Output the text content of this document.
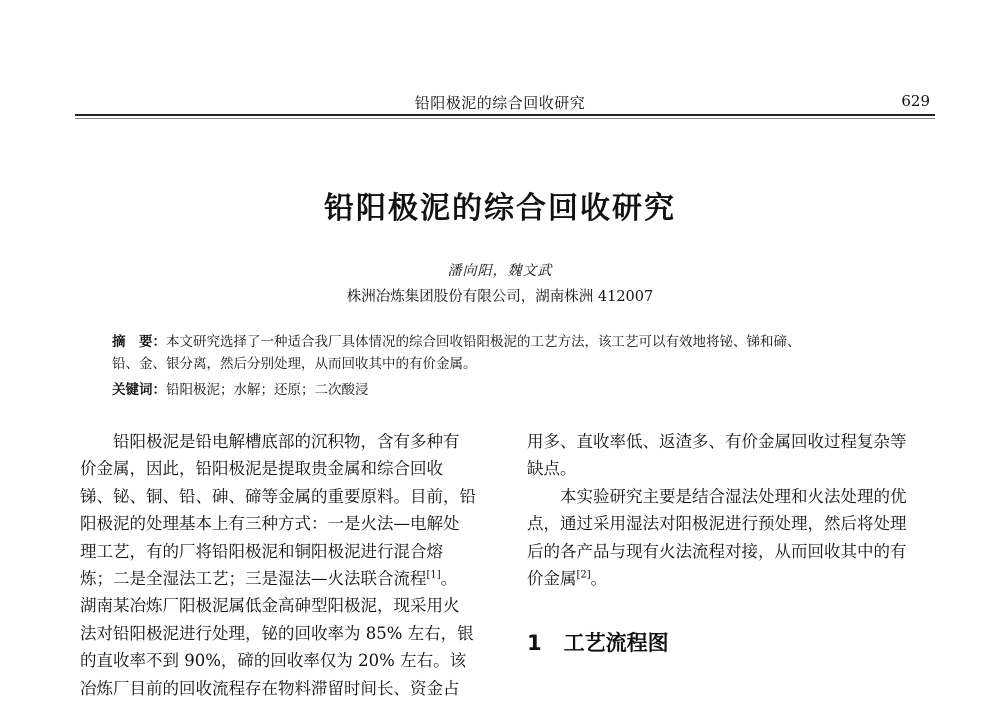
铅阳极泥的综合回收研究	629
铅阳极泥的综合回收研究
潘向阳，魏文武
株洲冶炼集团股份有限公司，湖南株洲 412007
摘　要：本文研究选择了一种适合我厂具体情况的综合回收铅阳极泥的工艺方法，该工艺可以有效地将铋、锑和碲、
铅、金、银分离，然后分别处理，从而回收其中的有价金属。
关键词：铅阳极泥；水解；还原；二次酸浸
　　铅阳极泥是铅电解槽底部的沉积物，含有多种有
价金属，因此，铅阳极泥是提取贵金属和综合回收
锑、铋、铜、铅、砷、碲等金属的重要原料。目前，铅
阳极泥的处理基本上有三种方式：一是火法—电解处
理工艺，有的厂将铅阳极泥和铜阳极泥进行混合熔
炼；二是全湿法工艺；三是湿法—火法联合流程[1]。
湖南某冶炼厂阳极泥属低金高砷型阳极泥，现采用火
法对铅阳极泥进行处理，铋的回收率为 85% 左右，银
的直收率不到 90%，碲的回收率仅为 20% 左右。该
冶炼厂目前的回收流程存在物料滞留时间长、资金占
用多、直收率低、返渣多、有价金属回收过程复杂等
缺点。
　　本实验研究主要是结合湿法处理和火法处理的优
点，通过采用湿法对阳极泥进行预处理，然后将处理
后的各产品与现有火法流程对接，从而回收其中的有
价金属[2]。
1 工艺流程图
